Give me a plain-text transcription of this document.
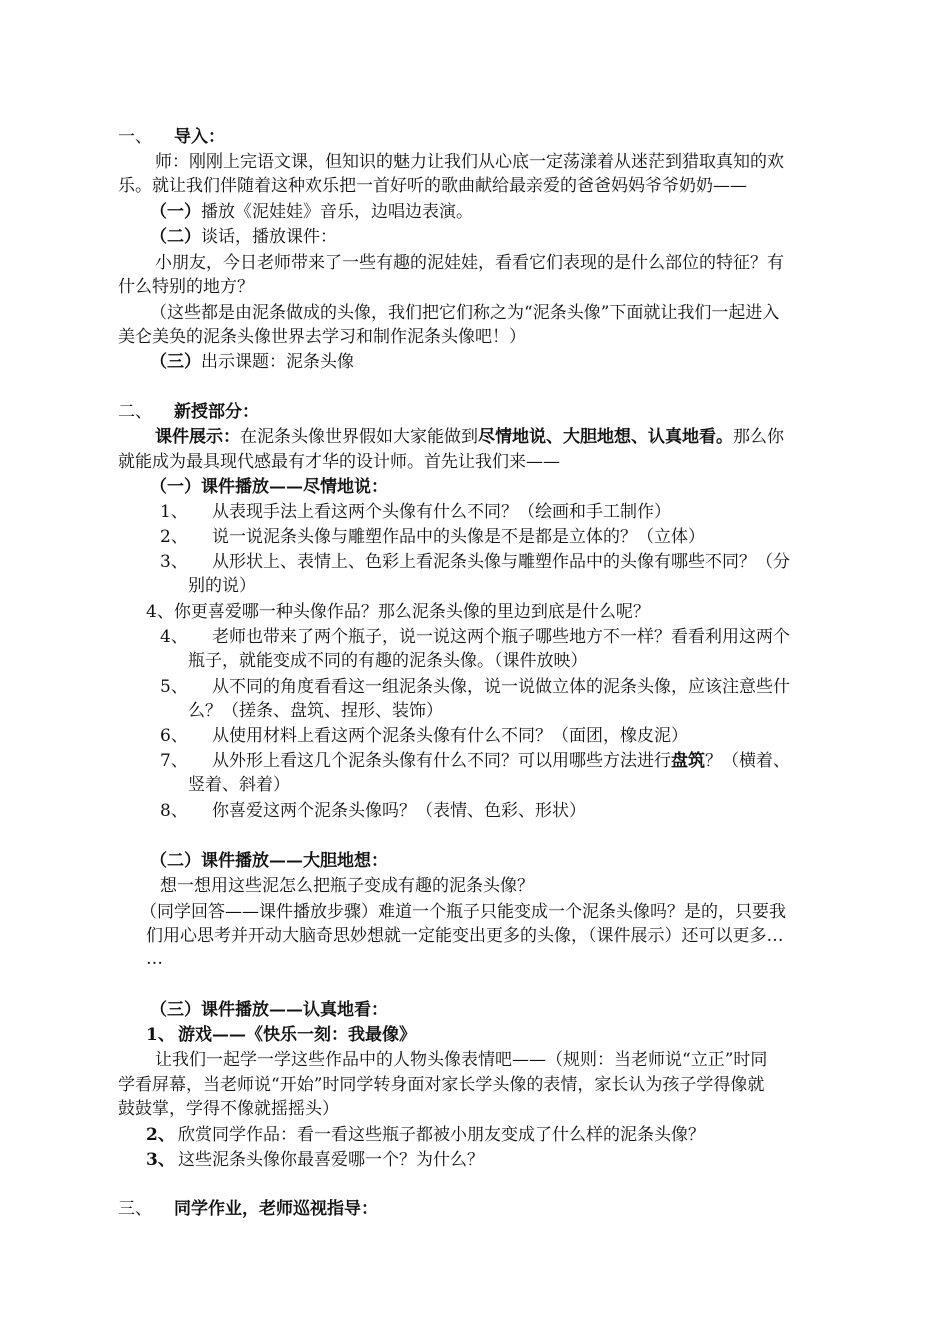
一、 导入：
师：刚刚上完语文课，但知识的魅力让我们从心底一定荡漾着从迷茫到猎取真知的欢
乐。就让我们伴随着这种欢乐把一首好听的歌曲献给最亲爱的爸爸妈妈爷爷奶奶——
（一）播放《泥娃娃》音乐，边唱边表演。
（二）谈话，播放课件：
小朋友，今日老师带来了一些有趣的泥娃娃，看看它们表现的是什么部位的特征？有
什么特别的地方？
（这些都是由泥条做成的头像，我们把它们称之为“泥条头像”下面就让我们一起进入
美仑美奂的泥条头像世界去学习和制作泥条头像吧！）
（三）出示课题：泥条头像
二、 新授部分：
课件展示：在泥条头像世界假如大家能做到尽情地说、大胆地想、认真地看。那么你
就能成为最具现代感最有才华的设计师。首先让我们来——
（一）课件播放——尽情地说：
1、 从表现手法上看这两个头像有什么不同？（绘画和手工制作）
2、 说一说泥条头像与雕塑作品中的头像是不是都是立体的？（立体）
3、 从形状上、表情上、色彩上看泥条头像与雕塑作品中的头像有哪些不同？（分
别的说）
4、你更喜爱哪一种头像作品？那么泥条头像的里边到底是什么呢？
4、 老师也带来了两个瓶子，说一说这两个瓶子哪些地方不一样？看看利用这两个
瓶子，就能变成不同的有趣的泥条头像。（课件放映）
5、 从不同的角度看看这一组泥条头像，说一说做立体的泥条头像，应该注意些什
么？（搓条、盘筑、捏形、装饰）
6、 从使用材料上看这两个泥条头像有什么不同？（面团，橡皮泥）
7、 从外形上看这几个泥条头像有什么不同？可以用哪些方法进行盘筑？（横着、
竖着、斜着）
8、 你喜爱这两个泥条头像吗？（表情、色彩、形状）
（二）课件播放——大胆地想：
想一想用这些泥怎么把瓶子变成有趣的泥条头像？
（同学回答——课件播放步骤）难道一个瓶子只能变成一个泥条头像吗？是的，只要我
们用心思考并开动大脑奇思妙想就一定能变出更多的头像，（课件展示）还可以更多…
…
（三）课件播放——认真地看：
1、 游戏——《快乐一刻：我最像》
让我们一起学一学这些作品中的人物头像表情吧——（规则：当老师说“立正”时同
学看屏幕，当老师说“开始”时同学转身面对家长学头像的表情，家长认为孩子学得像就
鼓鼓掌，学得不像就摇摇头）
2、 欣赏同学作品：看一看这些瓶子都被小朋友变成了什么样的泥条头像？
3、 这些泥条头像你最喜爱哪一个？为什么？
三、 同学作业，老师巡视指导：
